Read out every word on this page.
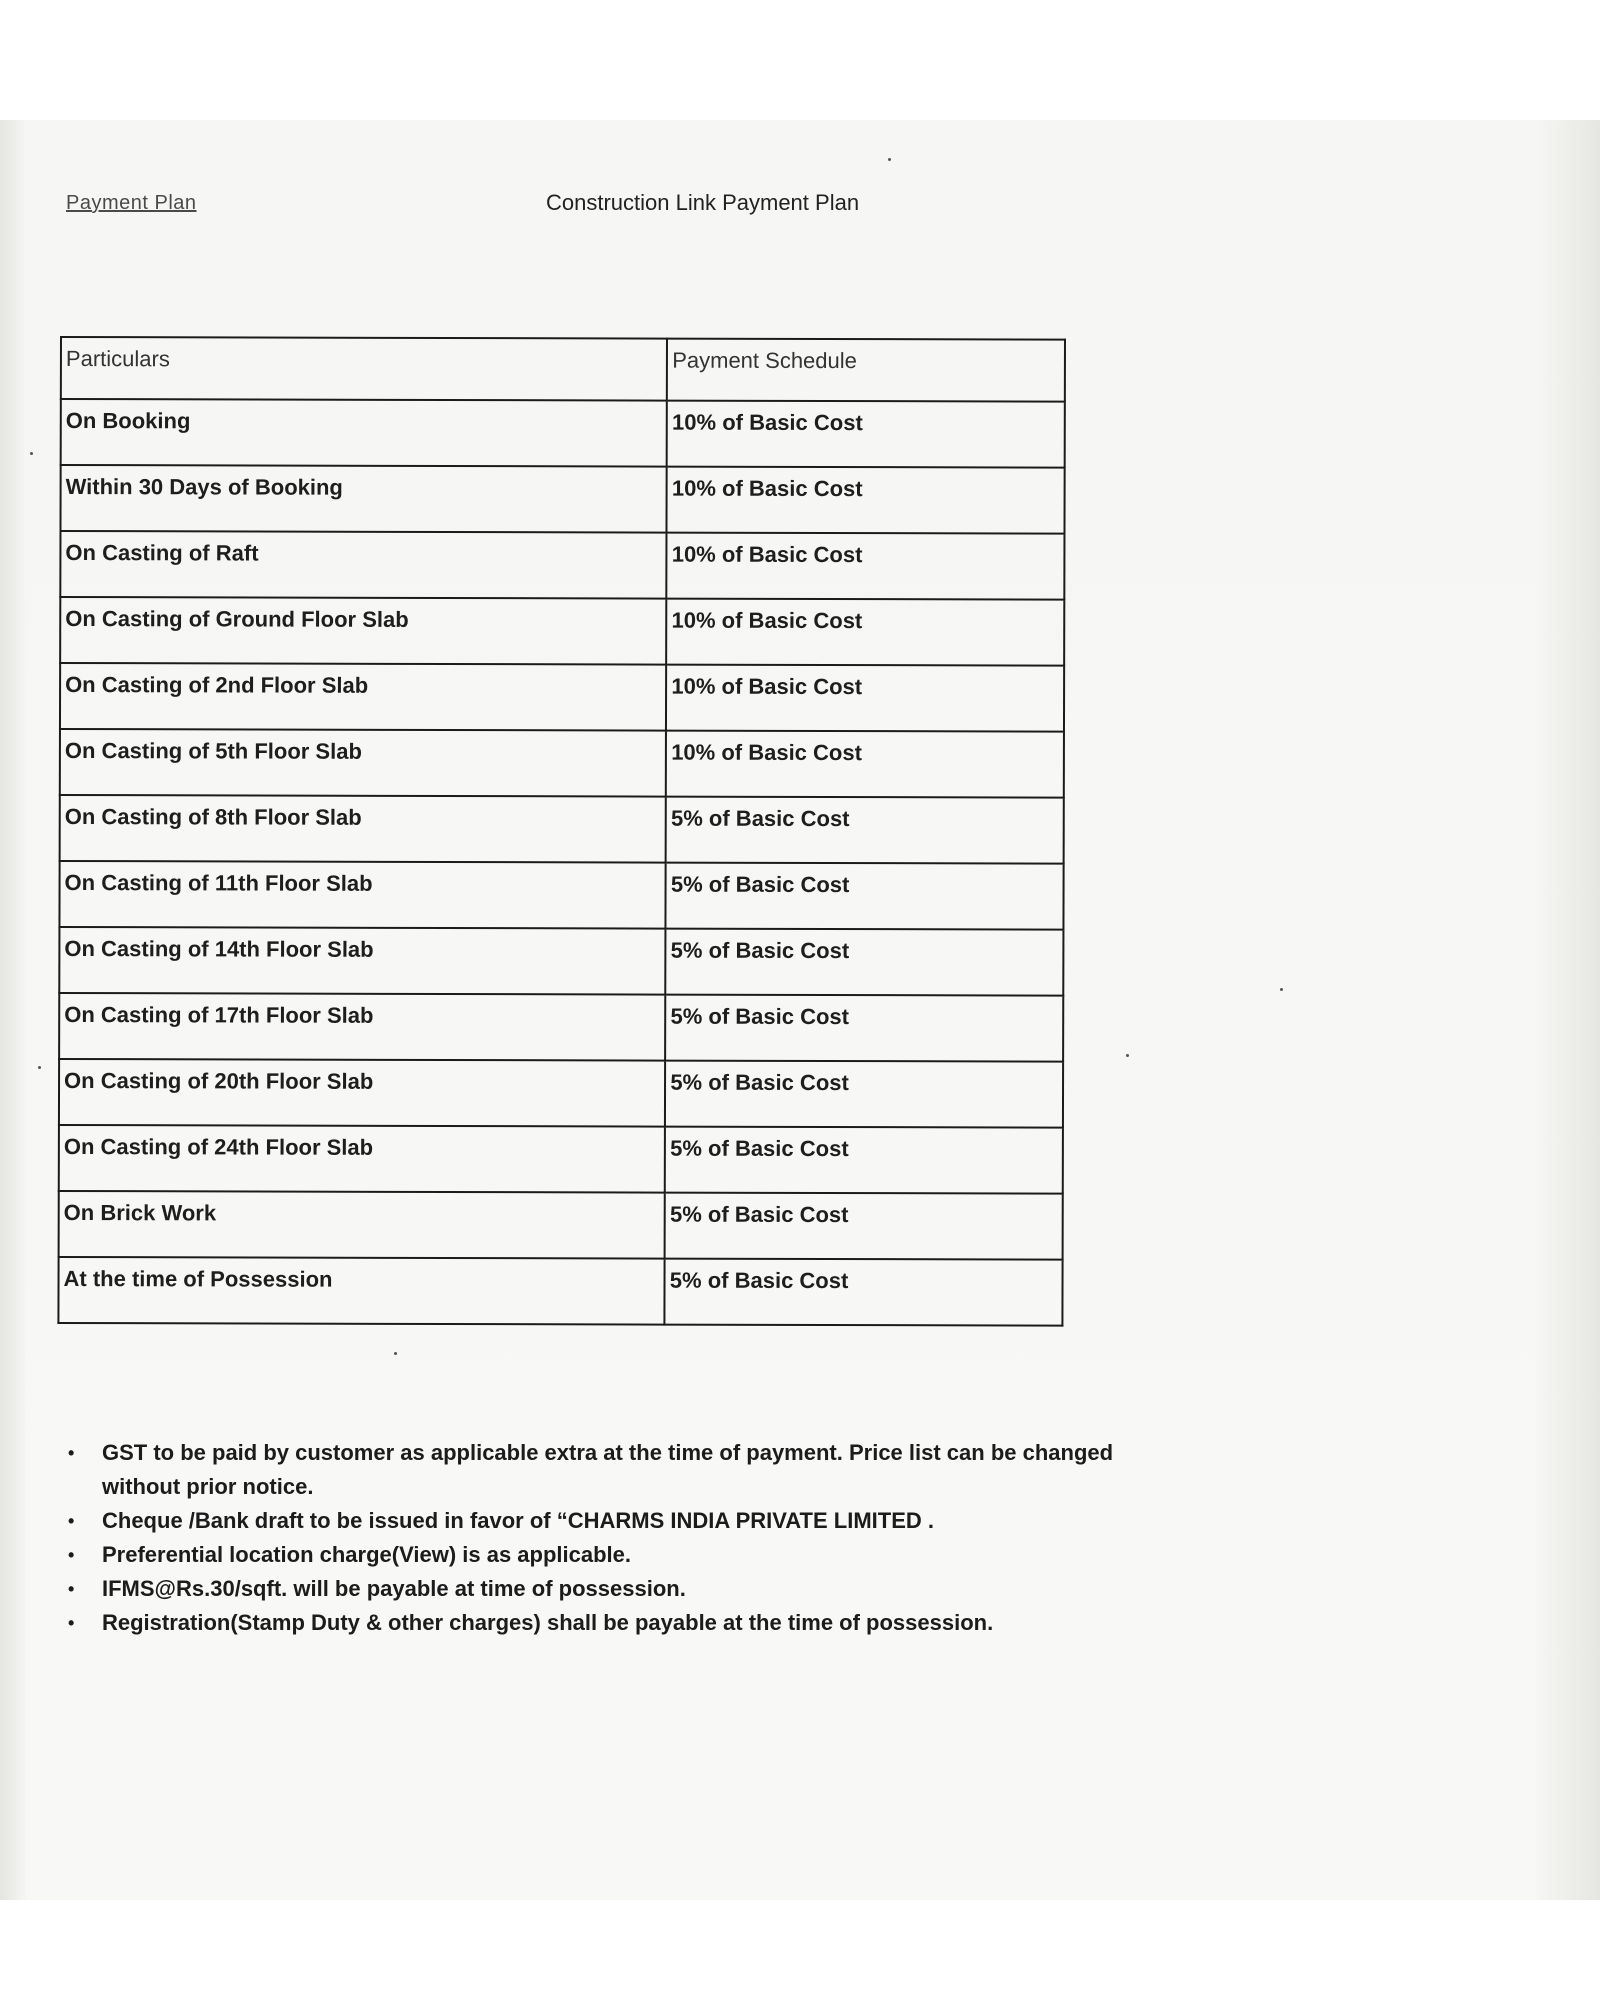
Payment Plan	Construction Link Payment Plan
Particulars	Payment Schedule
On Booking	10% of Basic Cost
Within 30 Days of Booking	10% of Basic Cost
On Casting of Raft	10% of Basic Cost
On Casting of Ground Floor Slab	10% of Basic Cost
On Casting of 2nd Floor Slab	10% of Basic Cost
On Casting of 5th Floor Slab	10% of Basic Cost
On Casting of 8th Floor Slab	5% of Basic Cost
On Casting of 11th Floor Slab	5% of Basic Cost
On Casting of 14th Floor Slab	5% of Basic Cost
On Casting of 17th Floor Slab	5% of Basic Cost
On Casting of 20th Floor Slab	5% of Basic Cost
On Casting of 24th Floor Slab	5% of Basic Cost
On Brick Work	5% of Basic Cost
At the time of Possession	5% of Basic Cost
• GST to be paid by customer as applicable extra at the time of payment. Price list can be changed without prior notice.
• Cheque /Bank draft to be issued in favor of “CHARMS INDIA PRIVATE LIMITED .
• Preferential location charge(View) is as applicable.
• IFMS@Rs.30/sqft. will be payable at time of possession.
• Registration(Stamp Duty & other charges) shall be payable at the time of possession.
